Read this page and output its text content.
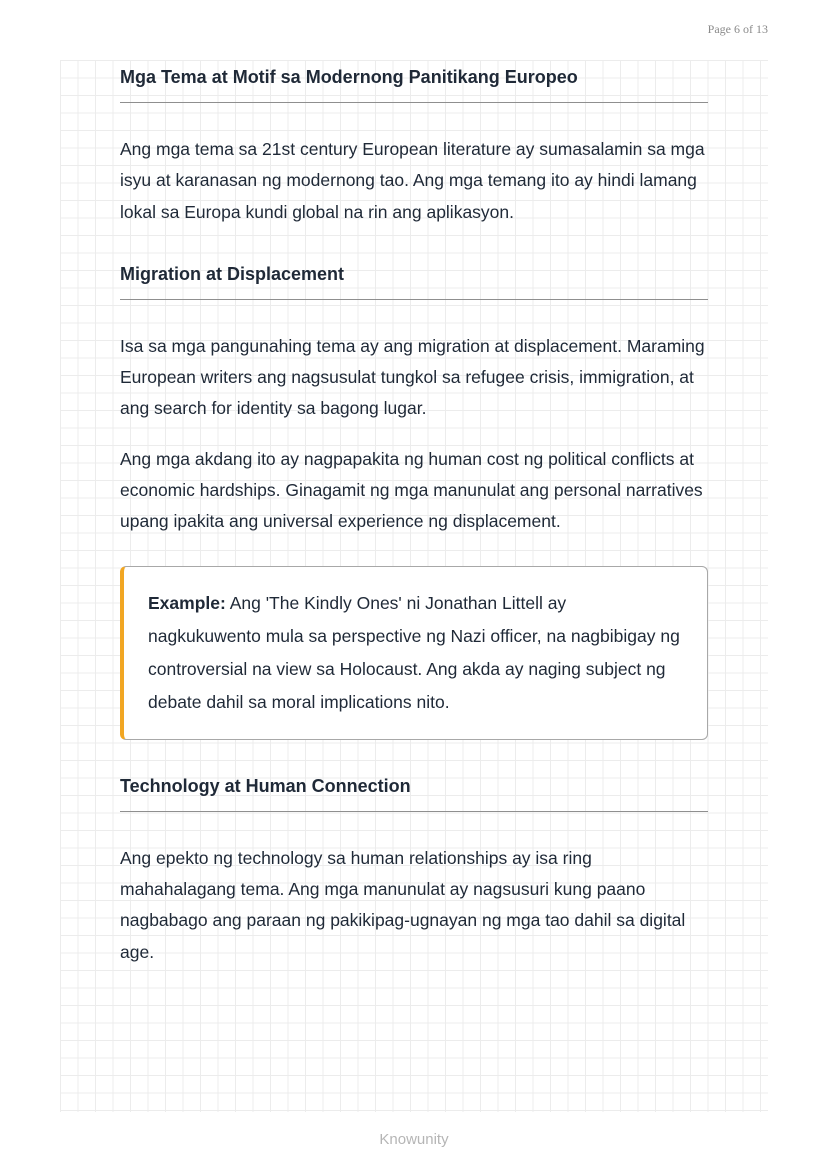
Page 6 of 13
Mga Tema at Motif sa Modernong Panitikang Europeo

Ang mga tema sa 21st century European literature ay sumasalamin sa mga isyu at karanasan ng modernong tao. Ang mga temang ito ay hindi lamang lokal sa Europa kundi global na rin ang aplikasyon.

Migration at Displacement

Isa sa mga pangunahing tema ay ang migration at displacement. Maraming European writers ang nagsusulat tungkol sa refugee crisis, immigration, at ang search for identity sa bagong lugar.

Ang mga akdang ito ay nagpapakita ng human cost ng political conflicts at economic hardships. Ginagamit ng mga manunulat ang personal narratives upang ipakita ang universal experience ng displacement.

Example: Ang 'The Kindly Ones' ni Jonathan Littell ay nagkukuwento mula sa perspective ng Nazi officer, na nagbibigay ng controversial na view sa Holocaust. Ang akda ay naging subject ng debate dahil sa moral implications nito.

Technology at Human Connection

Ang epekto ng technology sa human relationships ay isa ring mahahalagang tema. Ang mga manunulat ay nagsusuri kung paano nagbabago ang paraan ng pakikipag-ugnayan ng mga tao dahil sa digital age.

Knowunity
